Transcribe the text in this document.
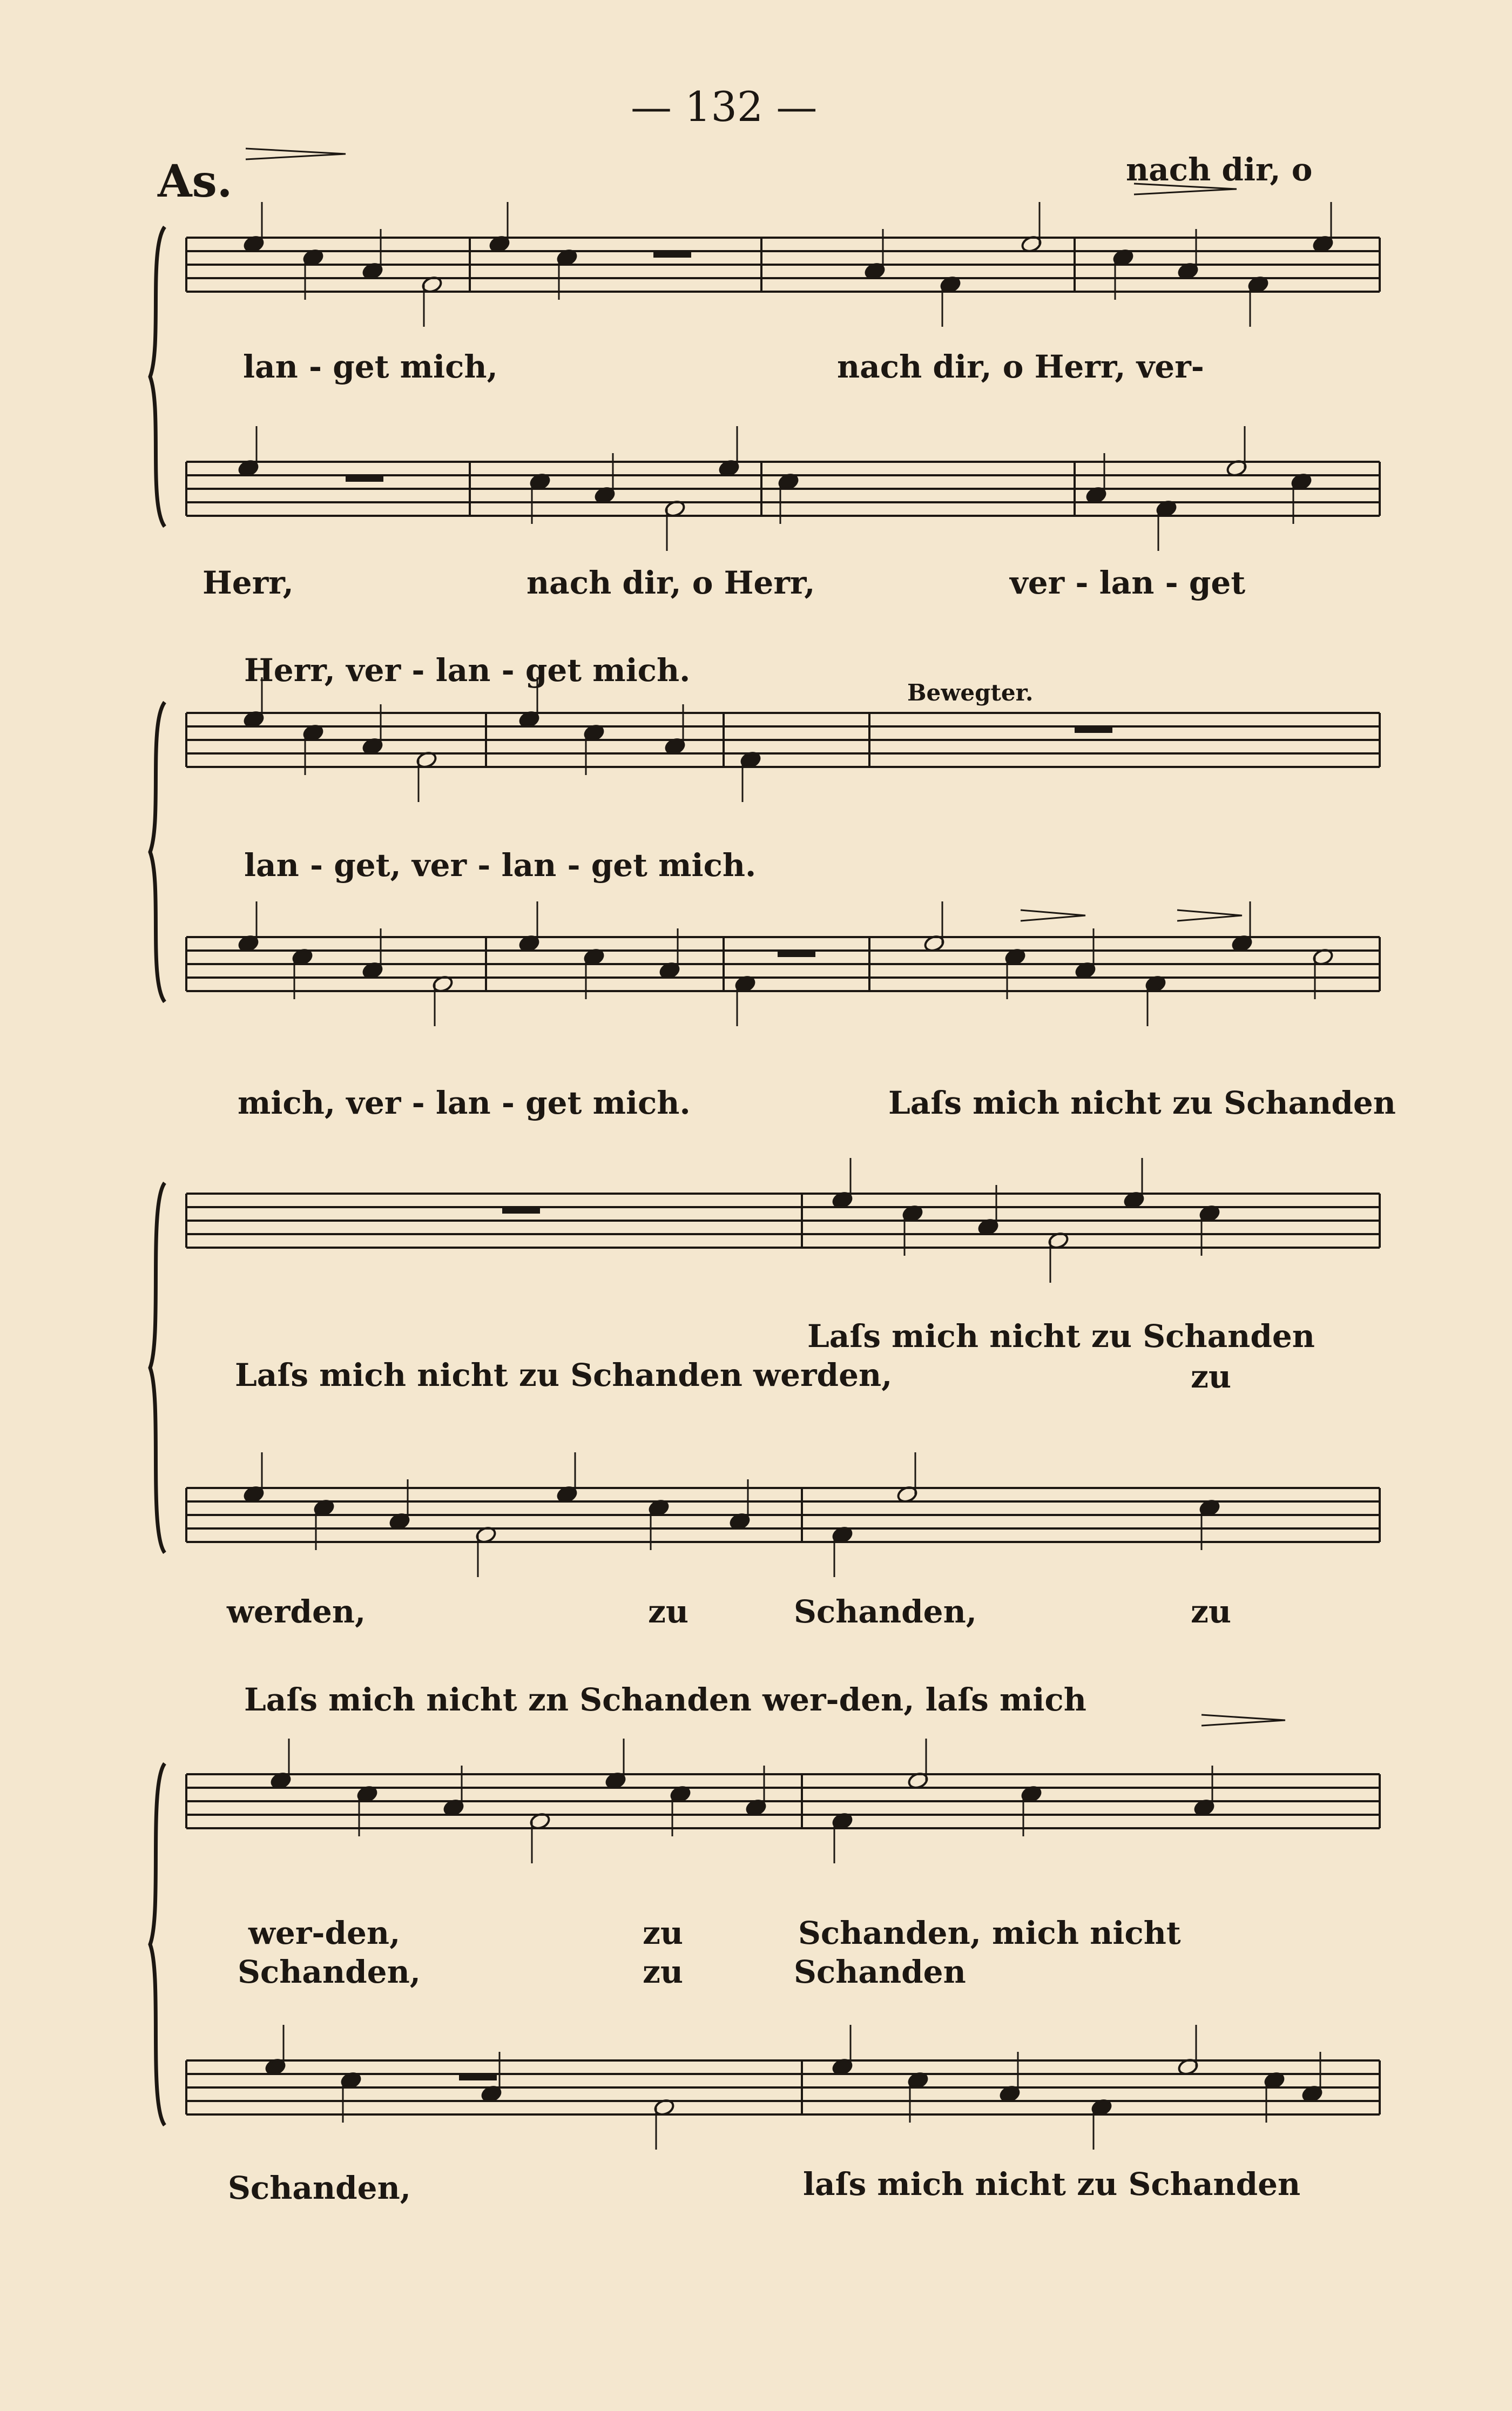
— 132 —
As.
Bewegter.
nach dir, o
lan - get mich,	nach dir, o Herr, ver-
Herr,	nach dir, o Herr,	ver - lan - get
Herr, ver - lan - get mich.
lan - get, ver - lan - get mich.
mich, ver - lan - get mich.	Laſs mich nicht zu Schanden
Laſs mich nicht zu Schanden
Laſs mich nicht zu Schanden werden,	zu
werden,	zu	Schanden,	zu
Laſs mich nicht zn Schanden wer-den, laſs mich
wer-den,	zu	Schanden, mich nicht
Schanden,	zu	Schanden
Schanden,	laſs mich nicht zu Schanden
